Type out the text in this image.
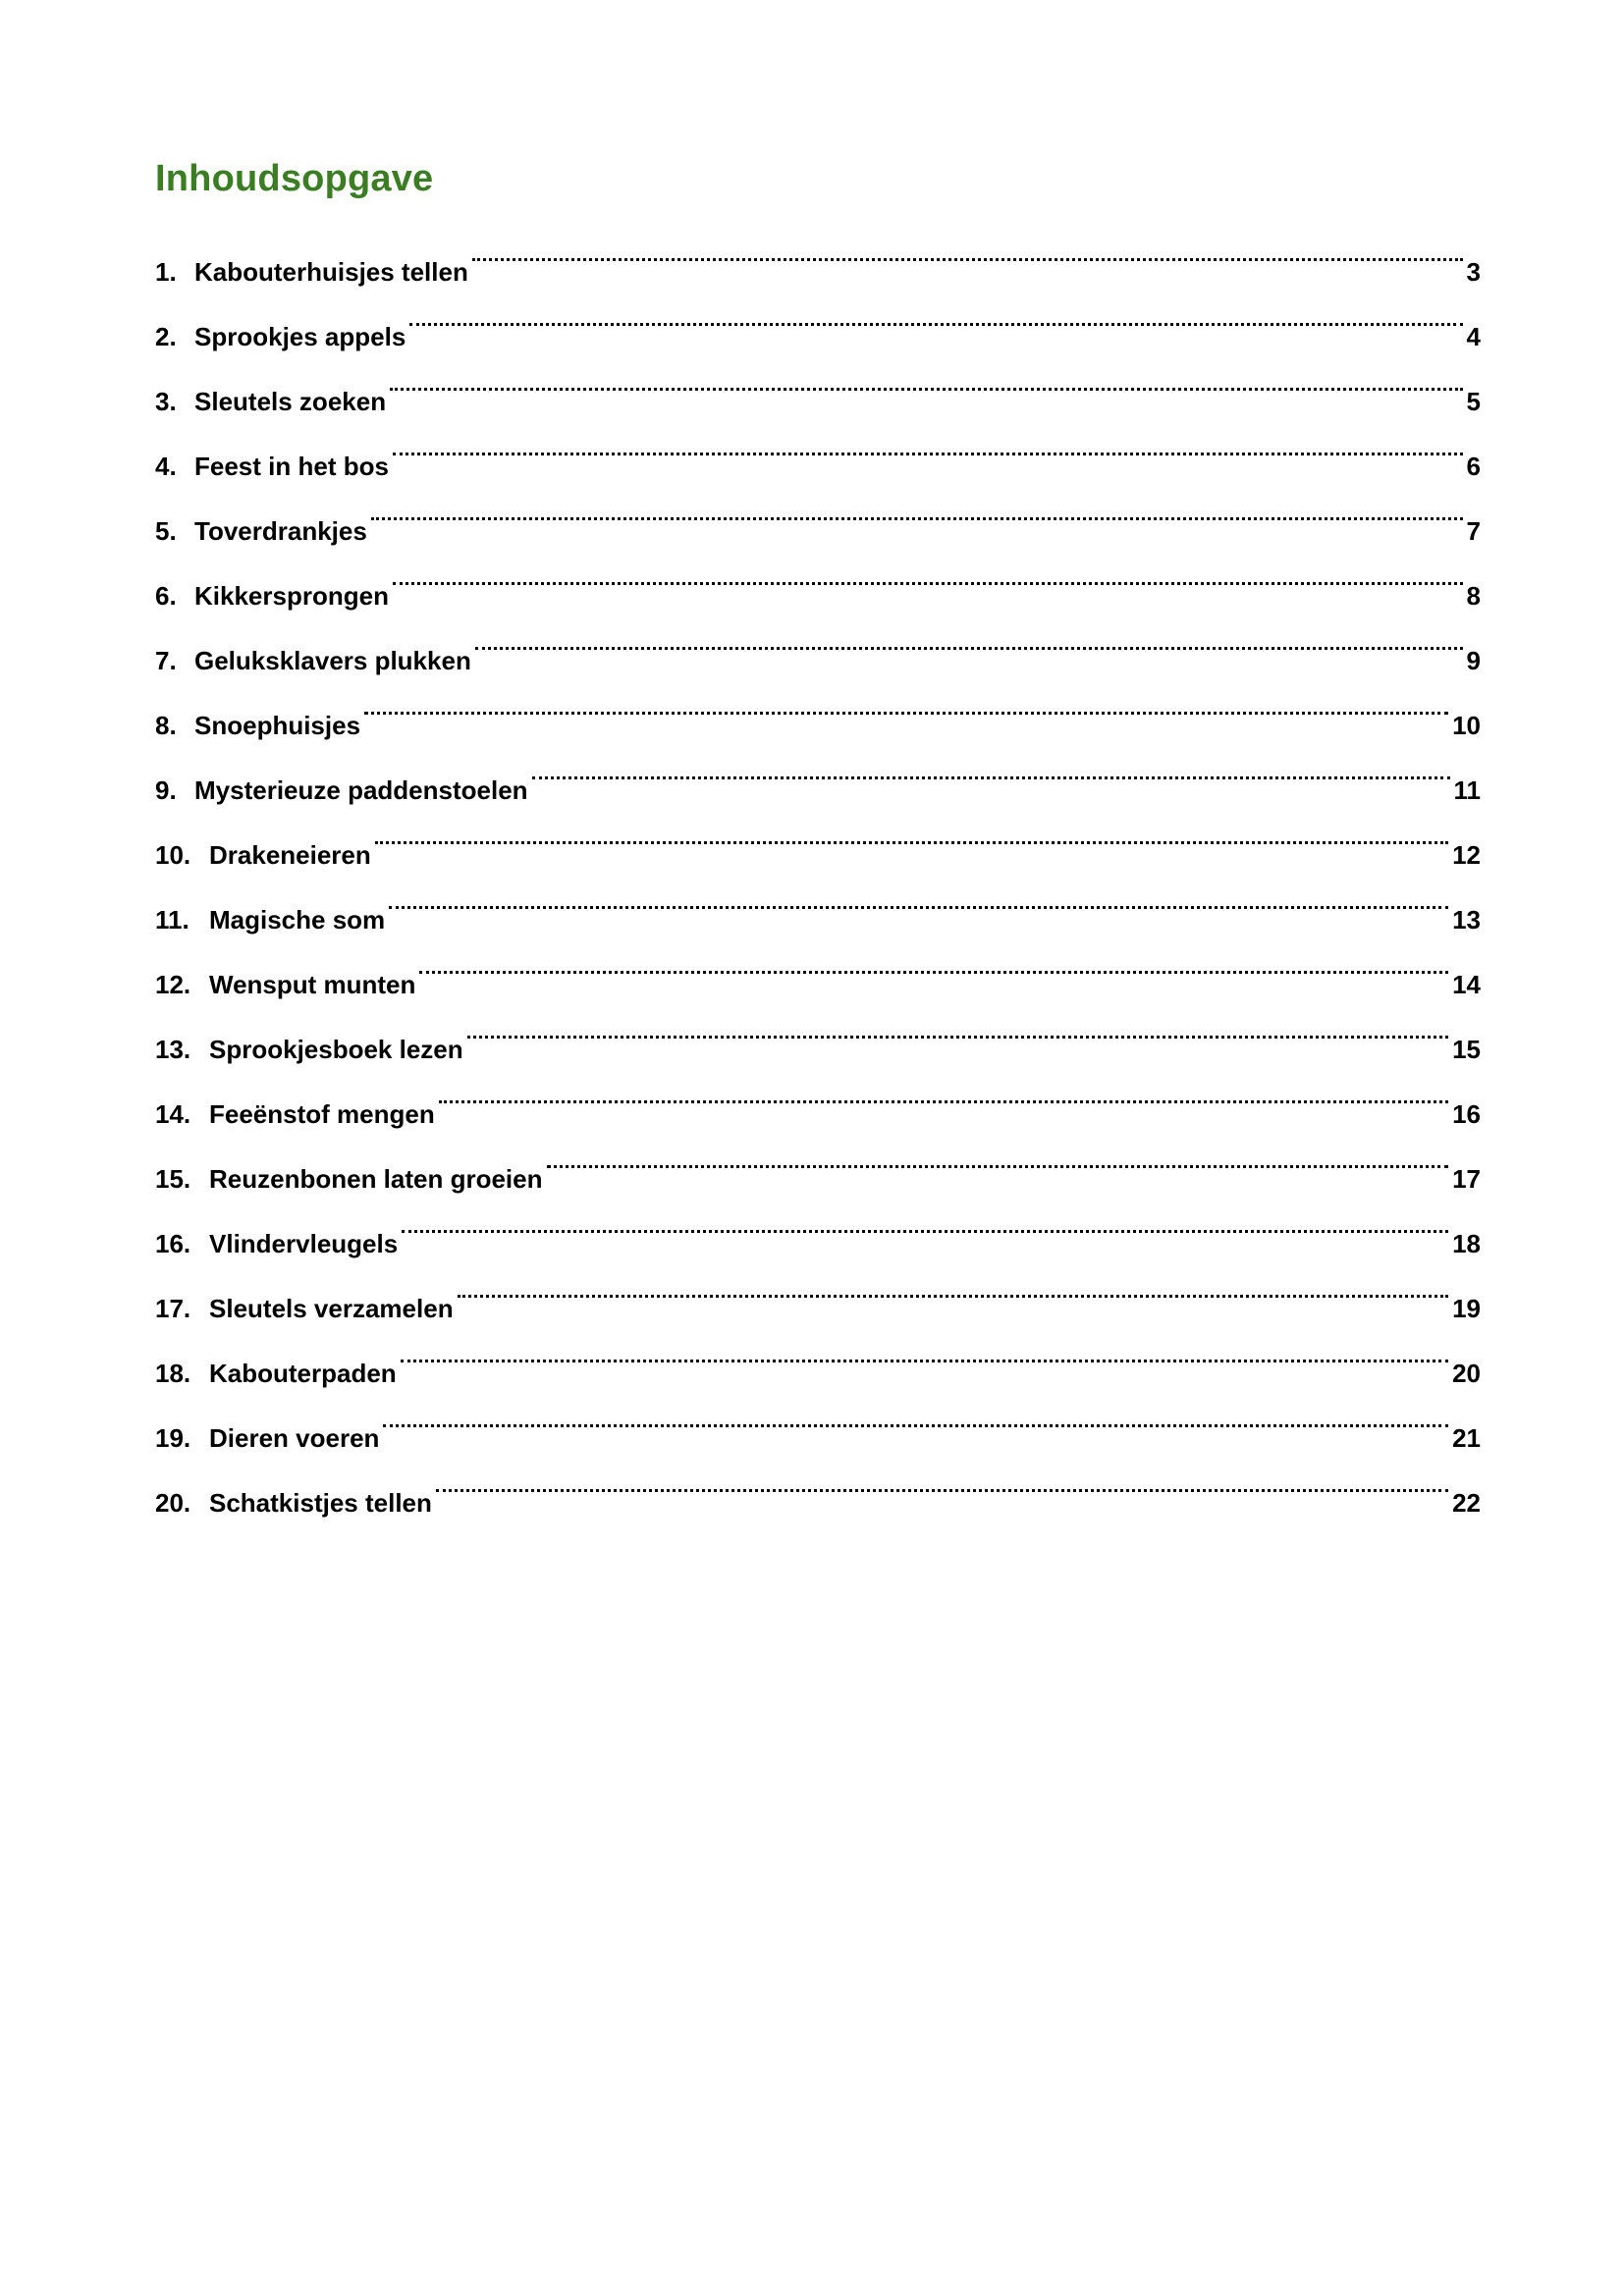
Inhoudsopgave
1. Kabouterhuisjes tellen	3
2. Sprookjes appels	4
3. Sleutels zoeken	5
4. Feest in het bos	6
5. Toverdrankjes	7
6. Kikkersprongen	8
7. Geluksklavers plukken	9
8. Snoephuisjes	10
9. Mysterieuze paddenstoelen	11
10. Drakeneieren	12
11. Magische som	13
12. Wensput munten	14
13. Sprookjesboek lezen	15
14. Feeënstof mengen	16
15. Reuzenbonen laten groeien	17
16. Vlindervleugels	18
17. Sleutels verzamelen	19
18. Kabouterpaden	20
19. Dieren voeren	21
20. Schatkistjes tellen	22
